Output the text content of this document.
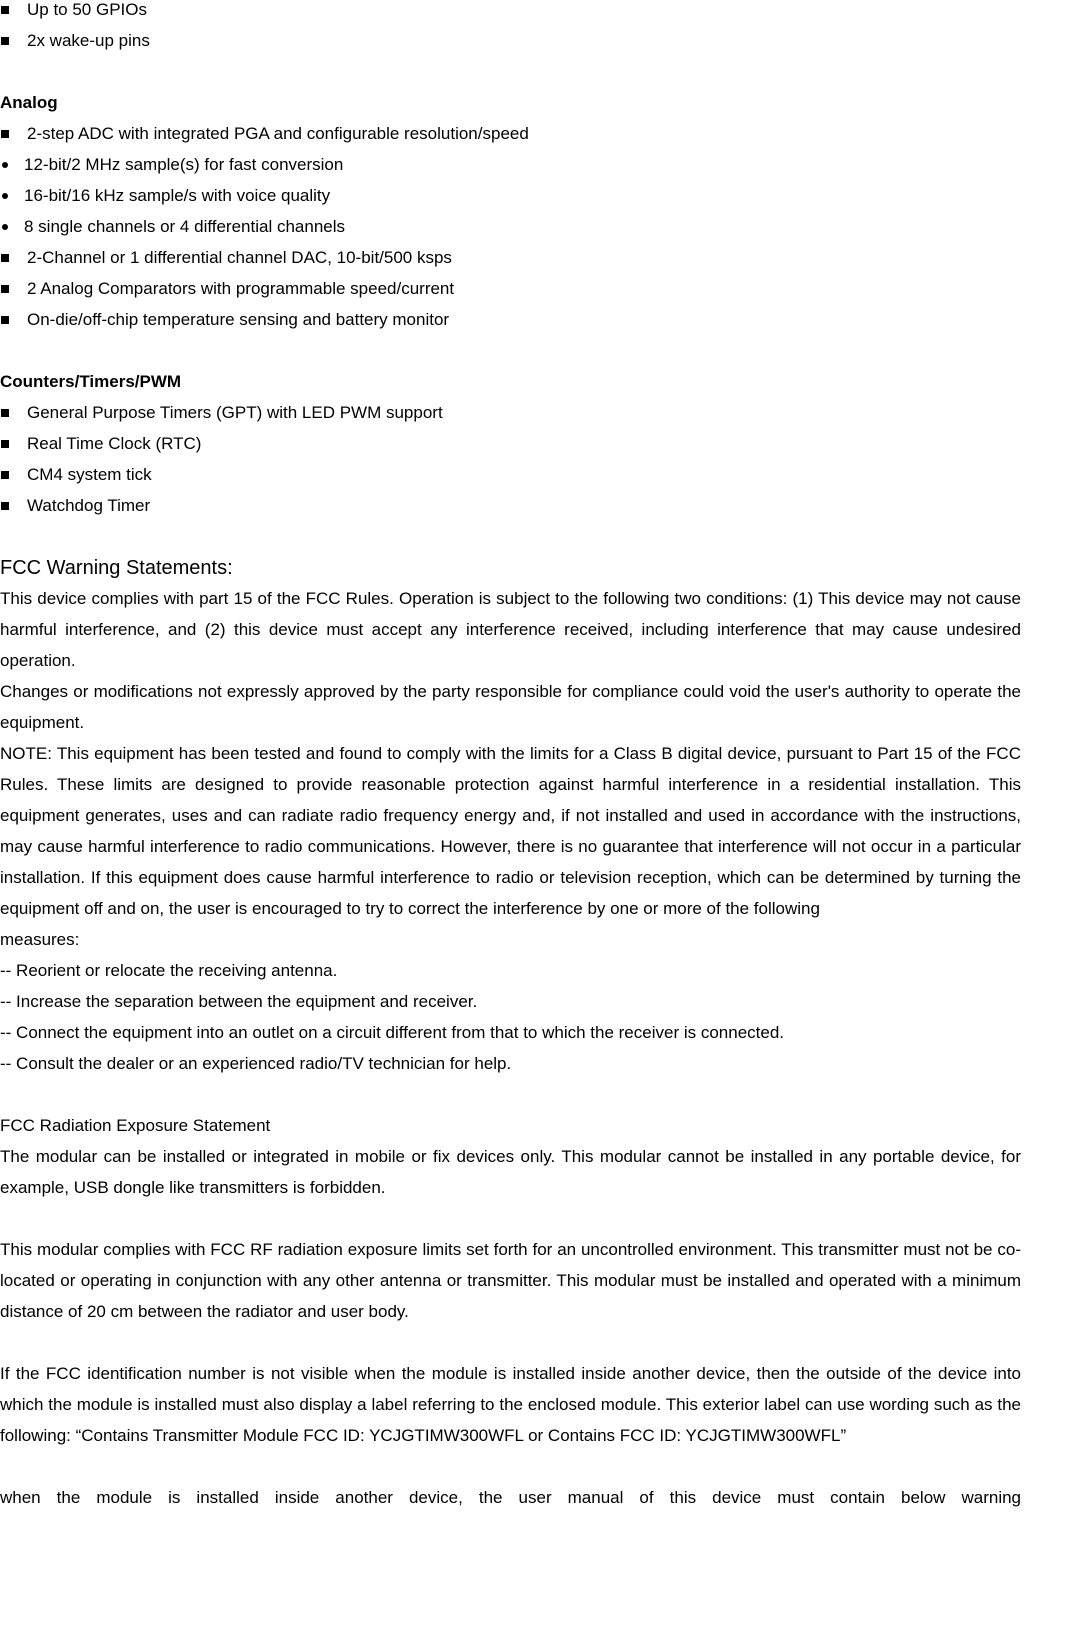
Up to 50 GPIOs
2x wake-up pins
Analog
2-step ADC with integrated PGA and configurable resolution/speed
12-bit/2 MHz sample(s) for fast conversion
16-bit/16 kHz sample/s with voice quality
8 single channels or 4 differential channels
2-Channel or 1 differential channel DAC, 10-bit/500 ksps
2 Analog Comparators with programmable speed/current
On-die/off-chip temperature sensing and battery monitor
Counters/Timers/PWM
General Purpose Timers (GPT) with LED PWM support
Real Time Clock (RTC)
CM4 system tick
Watchdog Timer
FCC Warning Statements:
This device complies with part 15 of the FCC Rules. Operation is subject to the following two conditions: (1) This device may not cause harmful interference, and (2) this device must accept any interference received, including interference that may cause undesired operation.
Changes or modifications not expressly approved by the party responsible for compliance could void the user's authority to operate the equipment.
NOTE: This equipment has been tested and found to comply with the limits for a Class B digital device, pursuant to Part 15 of the FCC Rules. These limits are designed to provide reasonable protection against harmful interference in a residential installation. This equipment generates, uses and can radiate radio frequency energy and, if not installed and used in accordance with the instructions, may cause harmful interference to radio communications. However, there is no guarantee that interference will not occur in a particular installation. If this equipment does cause harmful interference to radio or television reception, which can be determined by turning the equipment off and on, the user is encouraged to try to correct the interference by one or more of the following
measures:
-- Reorient or relocate the receiving antenna.
-- Increase the separation between the equipment and receiver.
-- Connect the equipment into an outlet on a circuit different from that to which the receiver is connected.
-- Consult the dealer or an experienced radio/TV technician for help.
FCC Radiation Exposure Statement
The modular can be installed or integrated in mobile or fix devices only. This modular cannot be installed in any portable device, for example, USB dongle like transmitters is forbidden.
This modular complies with FCC RF radiation exposure limits set forth for an uncontrolled environment. This transmitter must not be co-located or operating in conjunction with any other antenna or transmitter. This modular must be installed and operated with a minimum distance of 20 cm between the radiator and user body.
If the FCC identification number is not visible when the module is installed inside another device, then the outside of the device into which the module is installed must also display a label referring to the enclosed module. This exterior label can use wording such as the following: “Contains Transmitter Module FCC ID: YCJGTIMW300WFL or Contains FCC ID: YCJGTIMW300WFL”
when the module is installed inside another device, the user manual of this device must contain below warning
